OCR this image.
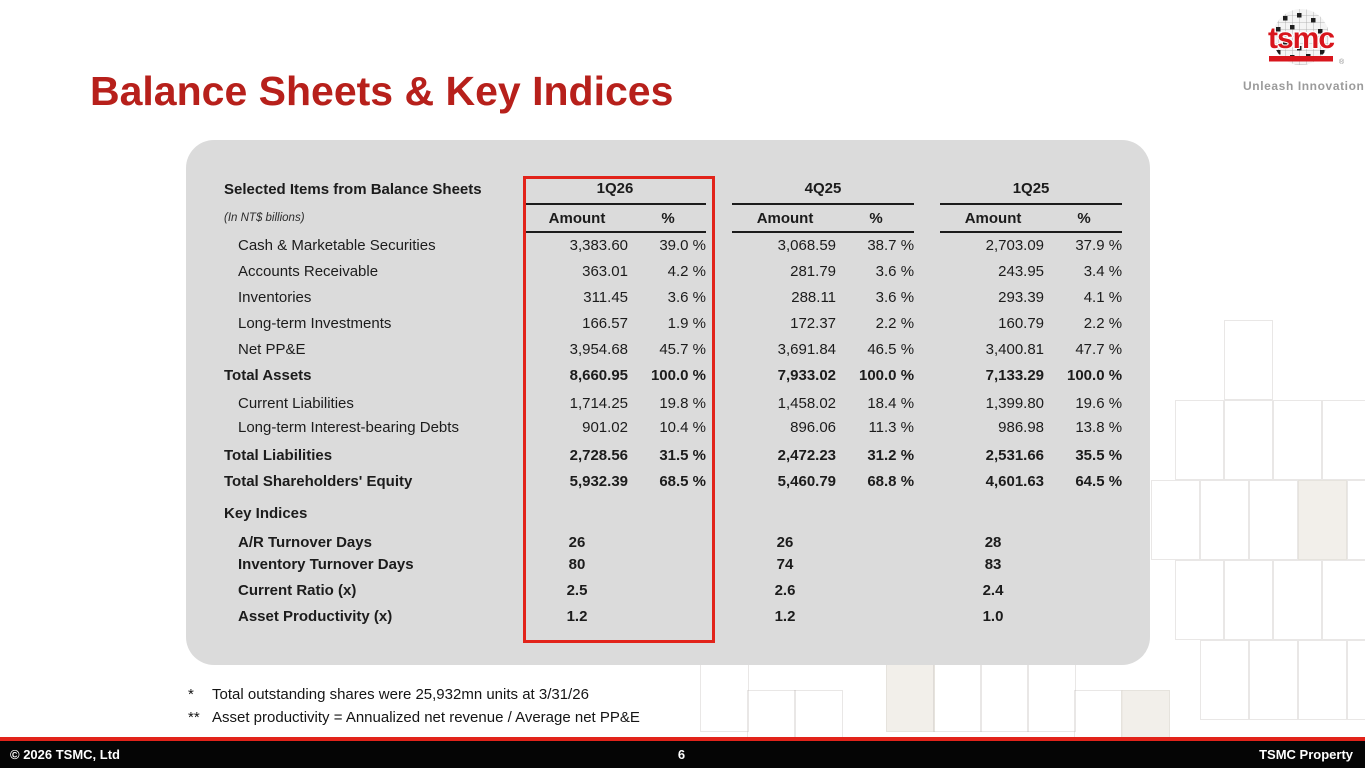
Balance Sheets & Key Indices
tsmc
®
Unleash Innovation
Selected Items from Balance Sheets	1Q26			4Q25			1Q25	
(In NT$ billions)	Amount	%		Amount	%		Amount	%
Cash & Marketable Securities	3,383.60	39.0 %		3,068.59	38.7 %		2,703.09	37.9 %
Accounts Receivable	363.01	4.2 %		281.79	3.6 %		243.95	3.4 %
Inventories	311.45	3.6 %		288.11	3.6 %		293.39	4.1 %
Long-term Investments	166.57	1.9 %		172.37	2.2 %		160.79	2.2 %
Net PP&E	3,954.68	45.7 %		3,691.84	46.5 %		3,400.81	47.7 %
Total Assets	8,660.95	100.0 %		7,933.02	100.0 %		7,133.29	100.0 %
Current Liabilities	1,714.25	19.8 %		1,458.02	18.4 %		1,399.80	19.6 %
Long-term Interest-bearing Debts	901.02	10.4 %		896.06	11.3 %		986.98	13.8 %
Total Liabilities	2,728.56	31.5 %		2,472.23	31.2 %		2,531.66	35.5 %
Total Shareholders' Equity	5,932.39	68.5 %		5,460.79	68.8 %		4,601.63	64.5 %
Key Indices								
A/R Turnover Days	26			26			28	
Inventory Turnover Days	80			74			83	
Current Ratio (x)	2.5			2.6			2.4	
Asset Productivity (x)	1.2			1.2			1.0	
*	Total outstanding shares were 25,932mn units at 3/31/26
** Asset productivity = Annualized net revenue / Average net PP&E
© 2026 TSMC, Ltd	6	TSMC Property
